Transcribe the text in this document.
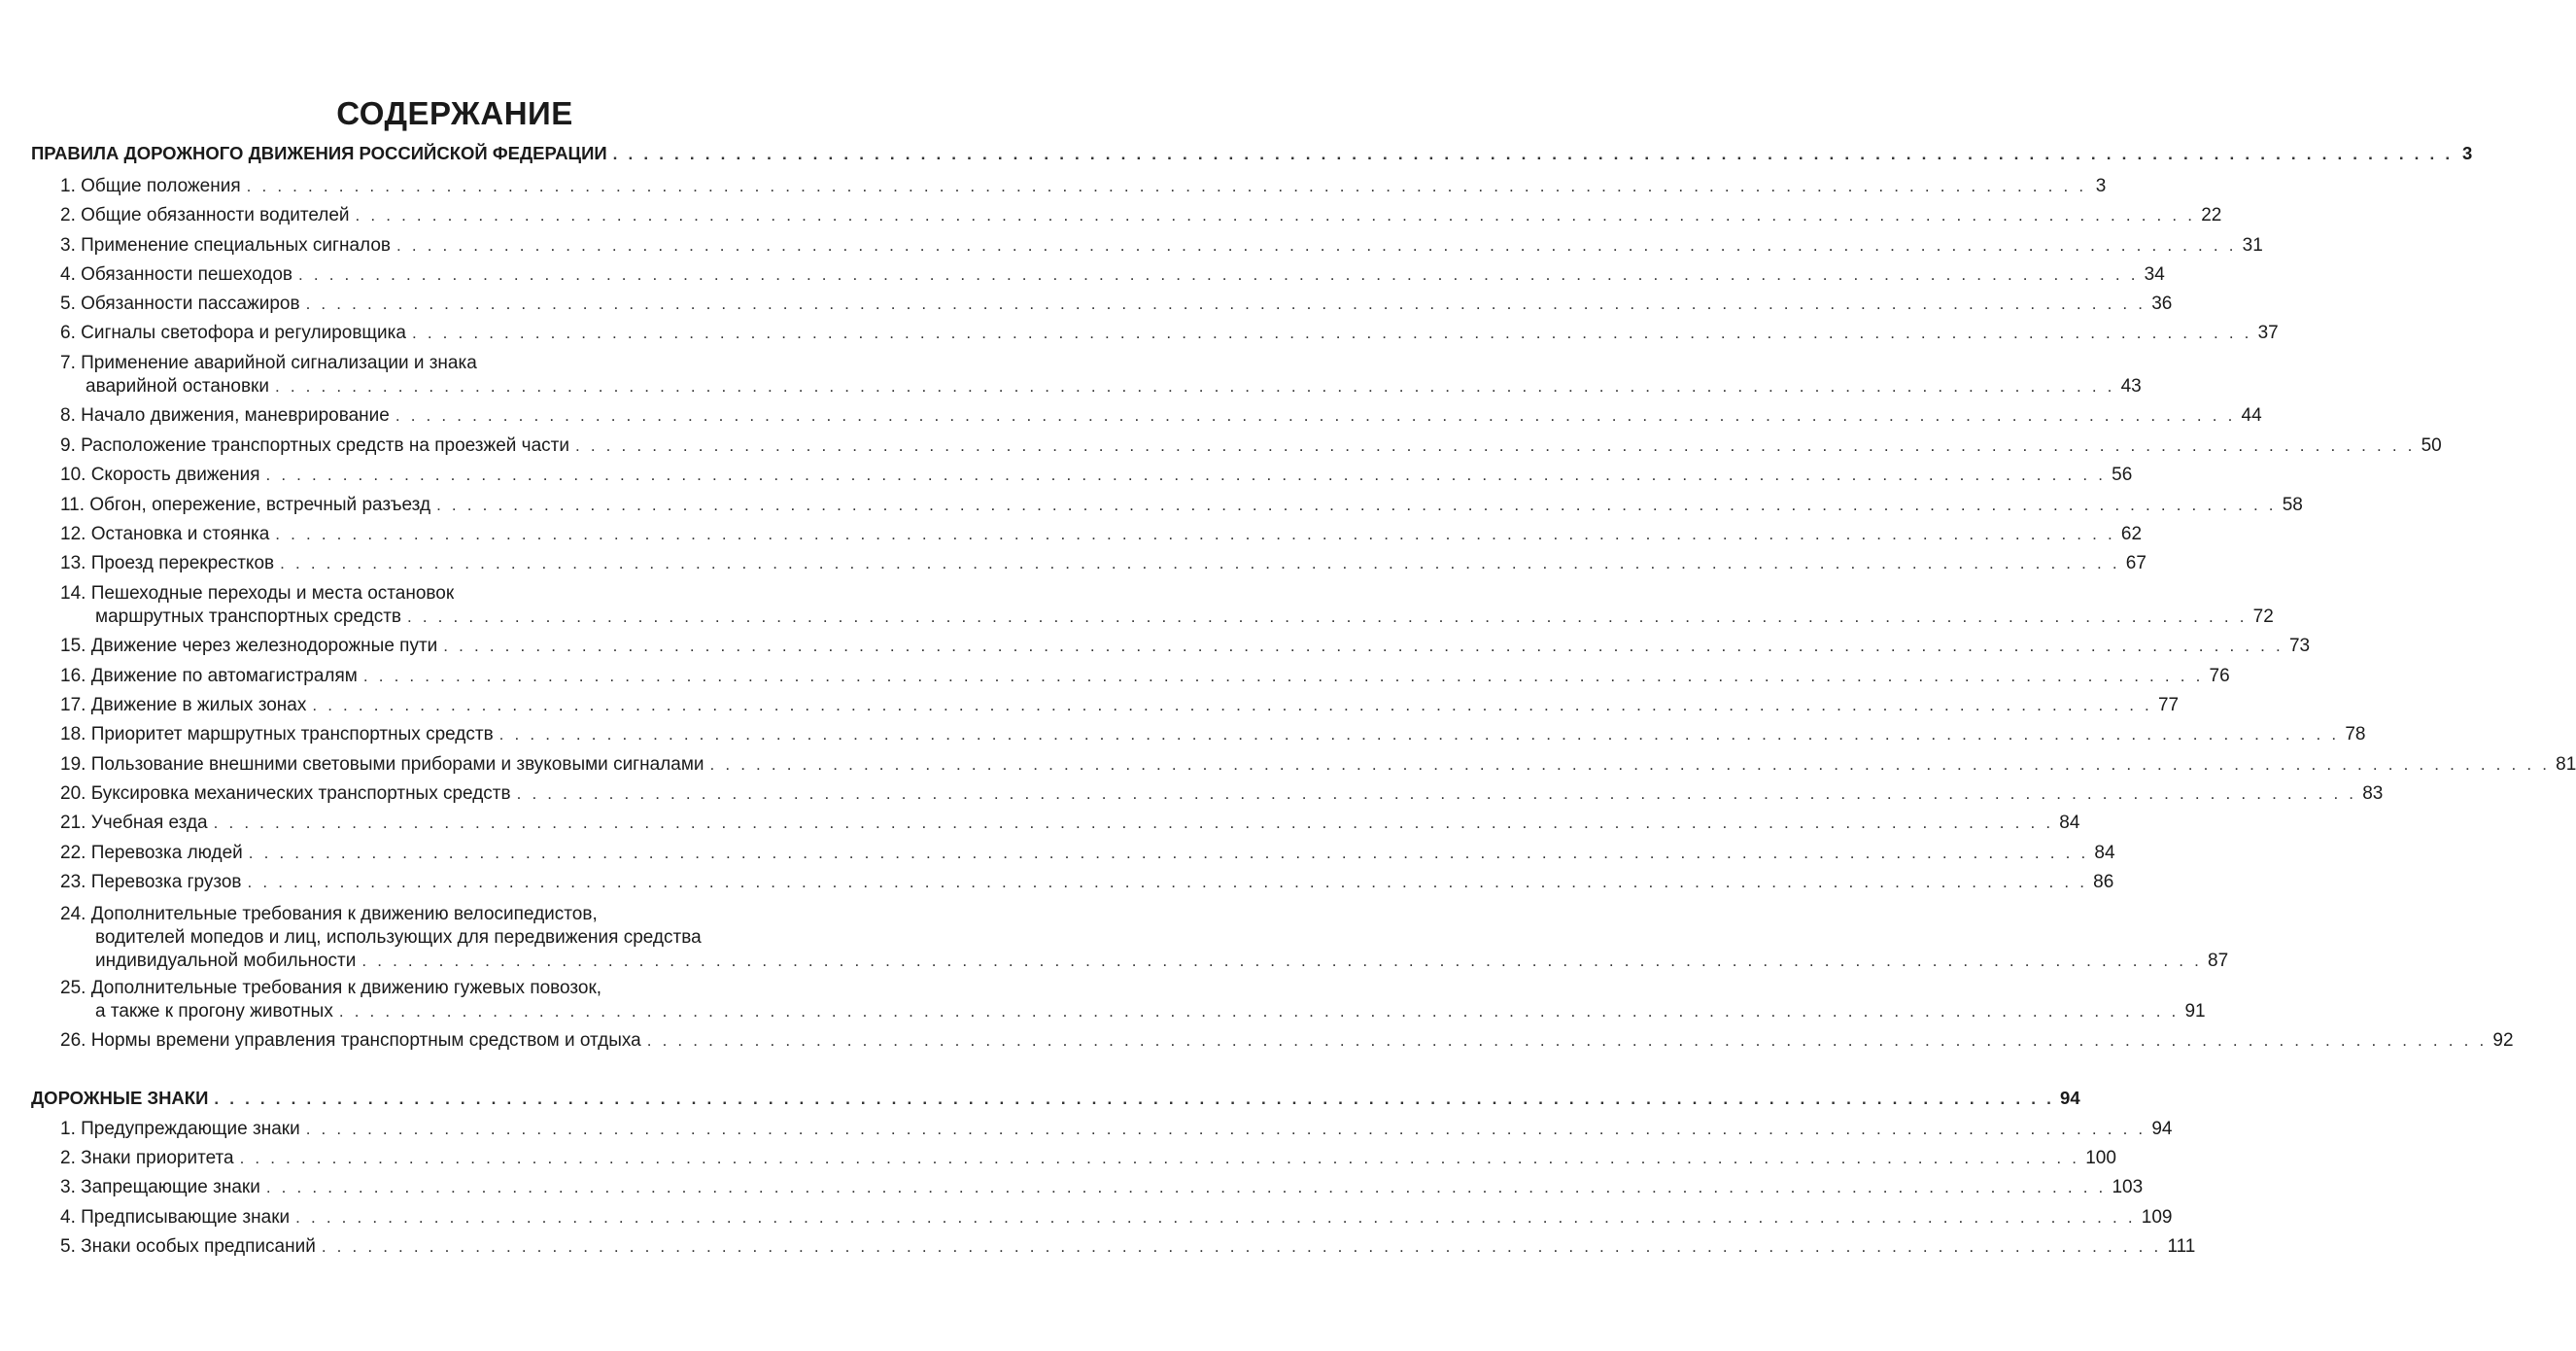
СОДЕРЖАНИЕ
ПРАВИЛА ДОРОЖНОГО ДВИЖЕНИЯ РОССИЙСКОЙ ФЕДЕРАЦИИ . . . . . . . . . . . . . . . . . . . . . . . . . . . . . . . . . . . . . . . . . . . . . . . . . . . . . . . . . . . . . . . . . . . . . . . . . . . . . . . . . . . . . . . . . . . . . . . . . . . . . . . . . . . . . . . . . . . . . . . . 3
1. Общие положения . . . . . . . . . . . . . . . . . . . . . . . . . . . . . . . . . . . . . . . . . . . . . . . . . . . . . . . . . . . . . . . . . . . . . . . . . . . . . . . . . . . . . . . . . . . . . . . . . . . . . . . . . . . . . . . . . . . . . . . . 3
2. Общие обязанности водителей . . . . . . . . . . . . . . . . . . . . . . . . . . . . . . . . . . . . . . . . . . . . . . . . . . . . . . . . . . . . . . . . . . . . . . . . . . . . . . . . . . . . . . . . . . . . . . . . . . . . . . . . . . . . . . . . . . . . . . . . 22
3. Применение специальных сигналов . . . . . . . . . . . . . . . . . . . . . . . . . . . . . . . . . . . . . . . . . . . . . . . . . . . . . . . . . . . . . . . . . . . . . . . . . . . . . . . . . . . . . . . . . . . . . . . . . . . . . . . . . . . . . . . . . . . . . . . . 31
4. Обязанности пешеходов . . . . . . . . . . . . . . . . . . . . . . . . . . . . . . . . . . . . . . . . . . . . . . . . . . . . . . . . . . . . . . . . . . . . . . . . . . . . . . . . . . . . . . . . . . . . . . . . . . . . . . . . . . . . . . . . . . . . . . . . 34
5. Обязанности пассажиров . . . . . . . . . . . . . . . . . . . . . . . . . . . . . . . . . . . . . . . . . . . . . . . . . . . . . . . . . . . . . . . . . . . . . . . . . . . . . . . . . . . . . . . . . . . . . . . . . . . . . . . . . . . . . . . . . . . . . . . . 36
6. Сигналы светофора и регулировщика . . . . . . . . . . . . . . . . . . . . . . . . . . . . . . . . . . . . . . . . . . . . . . . . . . . . . . . . . . . . . . . . . . . . . . . . . . . . . . . . . . . . . . . . . . . . . . . . . . . . . . . . . . . . . . . . . . . . . . . . 37
7. Применение аварийной сигнализации и знака
аварийной остановки . . . . . . . . . . . . . . . . . . . . . . . . . . . . . . . . . . . . . . . . . . . . . . . . . . . . . . . . . . . . . . . . . . . . . . . . . . . . . . . . . . . . . . . . . . . . . . . . . . . . . . . . . . . . . . . . . . . . . . . . 43
8. Начало движения, маневрирование . . . . . . . . . . . . . . . . . . . . . . . . . . . . . . . . . . . . . . . . . . . . . . . . . . . . . . . . . . . . . . . . . . . . . . . . . . . . . . . . . . . . . . . . . . . . . . . . . . . . . . . . . . . . . . . . . . . . . . . . 44
9. Расположение транспортных средств на проезжей части . . . . . . . . . . . . . . . . . . . . . . . . . . . . . . . . . . . . . . . . . . . . . . . . . . . . . . . . . . . . . . . . . . . . . . . . . . . . . . . . . . . . . . . . . . . . . . . . . . . . . . . . . . . . . . . . . . . . . . . . 50
10. Скорость движения . . . . . . . . . . . . . . . . . . . . . . . . . . . . . . . . . . . . . . . . . . . . . . . . . . . . . . . . . . . . . . . . . . . . . . . . . . . . . . . . . . . . . . . . . . . . . . . . . . . . . . . . . . . . . . . . . . . . . . . . 56
11. Обгон, опережение, встречный разъезд . . . . . . . . . . . . . . . . . . . . . . . . . . . . . . . . . . . . . . . . . . . . . . . . . . . . . . . . . . . . . . . . . . . . . . . . . . . . . . . . . . . . . . . . . . . . . . . . . . . . . . . . . . . . . . . . . . . . . . . . 58
12. Остановка и стоянка . . . . . . . . . . . . . . . . . . . . . . . . . . . . . . . . . . . . . . . . . . . . . . . . . . . . . . . . . . . . . . . . . . . . . . . . . . . . . . . . . . . . . . . . . . . . . . . . . . . . . . . . . . . . . . . . . . . . . . . . 62
13. Проезд перекрестков . . . . . . . . . . . . . . . . . . . . . . . . . . . . . . . . . . . . . . . . . . . . . . . . . . . . . . . . . . . . . . . . . . . . . . . . . . . . . . . . . . . . . . . . . . . . . . . . . . . . . . . . . . . . . . . . . . . . . . . . 67
14. Пешеходные переходы и места остановок
маршрутных транспортных средств . . . . . . . . . . . . . . . . . . . . . . . . . . . . . . . . . . . . . . . . . . . . . . . . . . . . . . . . . . . . . . . . . . . . . . . . . . . . . . . . . . . . . . . . . . . . . . . . . . . . . . . . . . . . . . . . . . . . . . . . 72
15. Движение через железнодорожные пути . . . . . . . . . . . . . . . . . . . . . . . . . . . . . . . . . . . . . . . . . . . . . . . . . . . . . . . . . . . . . . . . . . . . . . . . . . . . . . . . . . . . . . . . . . . . . . . . . . . . . . . . . . . . . . . . . . . . . . . . 73
16. Движение по автомагистралям . . . . . . . . . . . . . . . . . . . . . . . . . . . . . . . . . . . . . . . . . . . . . . . . . . . . . . . . . . . . . . . . . . . . . . . . . . . . . . . . . . . . . . . . . . . . . . . . . . . . . . . . . . . . . . . . . . . . . . . . 76
17. Движение в жилых зонах . . . . . . . . . . . . . . . . . . . . . . . . . . . . . . . . . . . . . . . . . . . . . . . . . . . . . . . . . . . . . . . . . . . . . . . . . . . . . . . . . . . . . . . . . . . . . . . . . . . . . . . . . . . . . . . . . . . . . . . . 77
18. Приоритет маршрутных транспортных средств . . . . . . . . . . . . . . . . . . . . . . . . . . . . . . . . . . . . . . . . . . . . . . . . . . . . . . . . . . . . . . . . . . . . . . . . . . . . . . . . . . . . . . . . . . . . . . . . . . . . . . . . . . . . . . . . . . . . . . . . 78
19. Пользование внешними световыми приборами и звуковыми сигналами . . . . . . . . . . . . . . . . . . . . . . . . . . . . . . . . . . . . . . . . . . . . . . . . . . . . . . . . . . . . . . . . . . . . . . . . . . . . . . . . . . . . . . . . . . . . . . . . . . . . . . . . . . . . . . . . . . . . . . . . 81
20. Буксировка механических транспортных средств . . . . . . . . . . . . . . . . . . . . . . . . . . . . . . . . . . . . . . . . . . . . . . . . . . . . . . . . . . . . . . . . . . . . . . . . . . . . . . . . . . . . . . . . . . . . . . . . . . . . . . . . . . . . . . . . . . . . . . . . 83
21. Учебная езда . . . . . . . . . . . . . . . . . . . . . . . . . . . . . . . . . . . . . . . . . . . . . . . . . . . . . . . . . . . . . . . . . . . . . . . . . . . . . . . . . . . . . . . . . . . . . . . . . . . . . . . . . . . . . . . . . . . . . . . . 84
22. Перевозка людей . . . . . . . . . . . . . . . . . . . . . . . . . . . . . . . . . . . . . . . . . . . . . . . . . . . . . . . . . . . . . . . . . . . . . . . . . . . . . . . . . . . . . . . . . . . . . . . . . . . . . . . . . . . . . . . . . . . . . . . . 84
23. Перевозка грузов . . . . . . . . . . . . . . . . . . . . . . . . . . . . . . . . . . . . . . . . . . . . . . . . . . . . . . . . . . . . . . . . . . . . . . . . . . . . . . . . . . . . . . . . . . . . . . . . . . . . . . . . . . . . . . . . . . . . . . . . 86
24. Дополнительные требования к движению велосипедистов,
водителей мопедов и лиц, использующих для передвижения средства
индивидуальной мобильности . . . . . . . . . . . . . . . . . . . . . . . . . . . . . . . . . . . . . . . . . . . . . . . . . . . . . . . . . . . . . . . . . . . . . . . . . . . . . . . . . . . . . . . . . . . . . . . . . . . . . . . . . . . . . . . . . . . . . . . . 87
25. Дополнительные требования к движению гужевых повозок,
а также к прогону животных . . . . . . . . . . . . . . . . . . . . . . . . . . . . . . . . . . . . . . . . . . . . . . . . . . . . . . . . . . . . . . . . . . . . . . . . . . . . . . . . . . . . . . . . . . . . . . . . . . . . . . . . . . . . . . . . . . . . . . . . 91
26. Нормы времени управления транспортным средством и отдыха . . . . . . . . . . . . . . . . . . . . . . . . . . . . . . . . . . . . . . . . . . . . . . . . . . . . . . . . . . . . . . . . . . . . . . . . . . . . . . . . . . . . . . . . . . . . . . . . . . . . . . . . . . . . . . . . . . . . . . . . 92
ДОРОЖНЫЕ ЗНАКИ . . . . . . . . . . . . . . . . . . . . . . . . . . . . . . . . . . . . . . . . . . . . . . . . . . . . . . . . . . . . . . . . . . . . . . . . . . . . . . . . . . . . . . . . . . . . . . . . . . . . . . . . . . . . . . . . . . . . . . . . 94
1. Предупреждающие знаки . . . . . . . . . . . . . . . . . . . . . . . . . . . . . . . . . . . . . . . . . . . . . . . . . . . . . . . . . . . . . . . . . . . . . . . . . . . . . . . . . . . . . . . . . . . . . . . . . . . . . . . . . . . . . . . . . . . . . . . . 94
2. Знаки приоритета . . . . . . . . . . . . . . . . . . . . . . . . . . . . . . . . . . . . . . . . . . . . . . . . . . . . . . . . . . . . . . . . . . . . . . . . . . . . . . . . . . . . . . . . . . . . . . . . . . . . . . . . . . . . . . . . . . . . . . . . 100
3. Запрещающие знаки . . . . . . . . . . . . . . . . . . . . . . . . . . . . . . . . . . . . . . . . . . . . . . . . . . . . . . . . . . . . . . . . . . . . . . . . . . . . . . . . . . . . . . . . . . . . . . . . . . . . . . . . . . . . . . . . . . . . . . . . 103
4. Предписывающие знаки . . . . . . . . . . . . . . . . . . . . . . . . . . . . . . . . . . . . . . . . . . . . . . . . . . . . . . . . . . . . . . . . . . . . . . . . . . . . . . . . . . . . . . . . . . . . . . . . . . . . . . . . . . . . . . . . . . . . . . . . 109
5. Знаки особых предписаний . . . . . . . . . . . . . . . . . . . . . . . . . . . . . . . . . . . . . . . . . . . . . . . . . . . . . . . . . . . . . . . . . . . . . . . . . . . . . . . . . . . . . . . . . . . . . . . . . . . . . . . . . . . . . . . . . . . . . . . . 111
